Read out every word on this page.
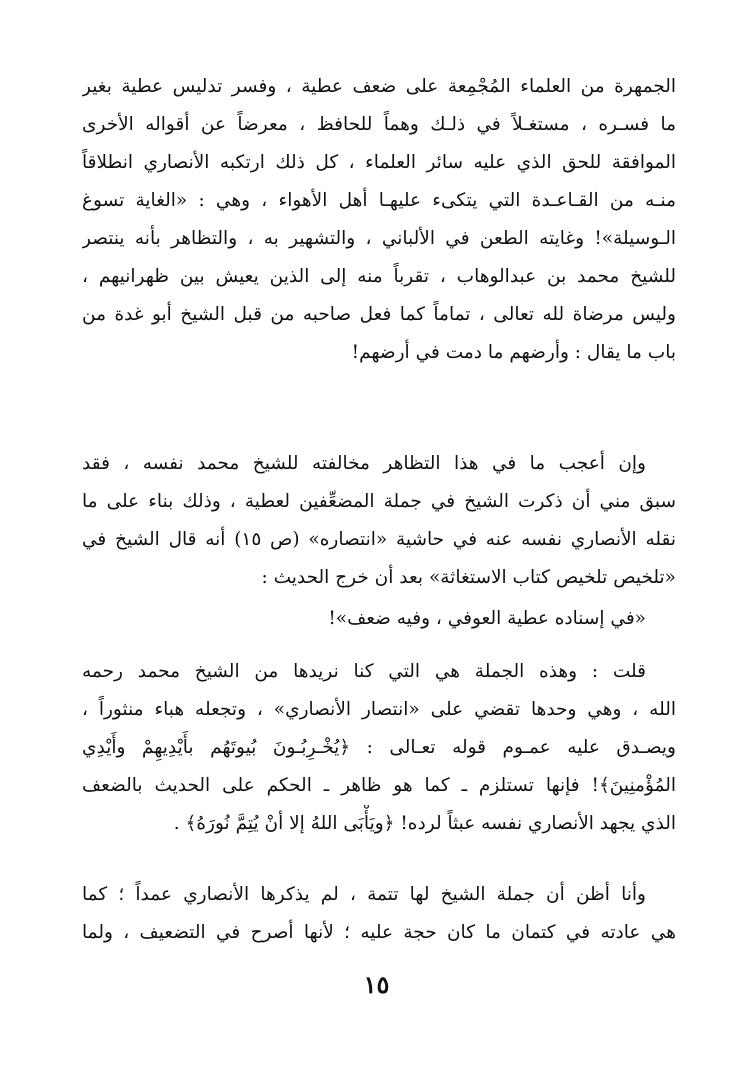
الجمهرة من العلماء المُجْمِعة على ضعف عطية ، وفسر تدليس عطية بغير
ما فسـره ، مستغـلاً في ذلـك وهماً للحافظ ، معرضاً عن أقواله الأخرى
الموافقة للحق الذي عليه سائر العلماء ، كل ذلك ارتكبه الأنصاري انطلاقاً
منـه من القـاعـدة التي يتكىء عليهـا أهل الأهواء ، وهي : «الغاية تسوغ
الـوسيلة»! وغايته الطعن في الألباني ، والتشهير به ، والتظاهر بأنه ينتصر
للشيخ محمد بن عبدالوهاب ، تقرباً منه إلى الذين يعيش بين ظهرانيهم ،
وليس مرضاة لله تعالى ، تماماً كما فعل صاحبه من قبل الشيخ أبو غدة من
باب ما يقال : وأرضهم ما دمت في أرضهم!
وإن أعجب ما في هذا التظاهر مخالفته للشيخ محمد نفسه ، فقد
سبق مني أن ذكرت الشيخ في جملة المضعِّفين لعطية ، وذلك بناء على ما
نقله الأنصاري نفسه عنه في حاشية «انتصاره» (ص ١٥) أنه قال الشيخ في
«تلخيص تلخيص كتاب الاستغاثة» بعد أن خرج الحديث :
«في إسناده عطية العوفي ، وفيه ضعف»!
قلت : وهذه الجملة هي التي كنا نريدها من الشيخ محمد رحمه
الله ، وهي وحدها تقضي على «انتصار الأنصاري» ، وتجعله هباء منثوراً ،
ويصـدق عليه عمـوم قوله تعـالى : ﴿يُخْـرِبُـونَ بُيوتَهُم بأَيْدِيهِمْ وأَيْدِي
المُؤْمنِينَ﴾! فإنها تستلزم ـ كما هو ظاهر ـ الحكم على الحديث بالضعف
الذي يجهد الأنصاري نفسه عبثاً لرده! ﴿ويَأْبَى اللهُ إلا أنْ يُتِمَّ نُورَهُ﴾ .
وأنا أظن أن جملة الشيخ لها تتمة ، لم يذكرها الأنصاري عمداً ؛ كما
هي عادته في كتمان ما كان حجة عليه ؛ لأنها أصرح في التضعيف ، ولما
١٥
